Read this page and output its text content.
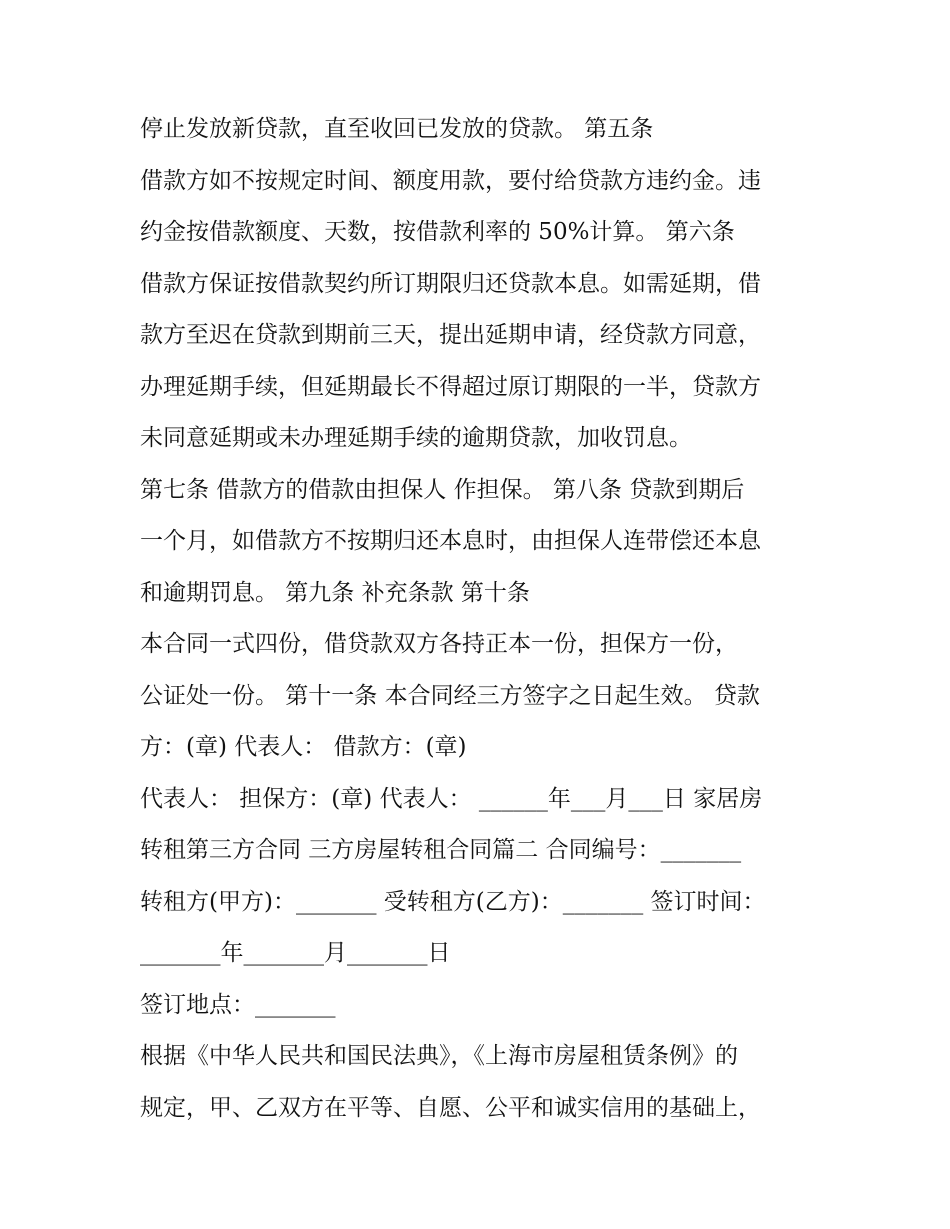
停止发放新贷款，直至收回已发放的贷款。 第五条
借款方如不按规定时间、额度用款，要付给贷款方违约金。违
约金按借款额度、天数，按借款利率的 50%计算。 第六条
借款方保证按借款契约所订期限归还贷款本息。如需延期，借
款方至迟在贷款到期前三天，提出延期申请，经贷款方同意，
办理延期手续，但延期最长不得超过原订期限的一半，贷款方
未同意延期或未办理延期手续的逾期贷款，加收罚息。
第七条 借款方的借款由担保人 作担保。 第八条 贷款到期后
一个月，如借款方不按期归还本息时，由担保人连带偿还本息
和逾期罚息。 第九条 补充条款 第十条
本合同一式四份，借贷款双方各持正本一份，担保方一份，
公证处一份。 第十一条 本合同经三方签字之日起生效。 贷款
方：(章) 代表人： 借款方：(章)
代表人： 担保方：(章) 代表人： ______年___月___日 家居房
转租第三方合同 三方房屋转租合同篇二 合同编号：_______
转租方(甲方)：_______ 受转租方(乙方)：_______ 签订时间：
_______年_______月_______日
签订地点：_______
根据《中华人民共和国民法典》，《上海市房屋租赁条例》的
规定，甲、乙双方在平等、自愿、公平和诚实信用的基础上，
